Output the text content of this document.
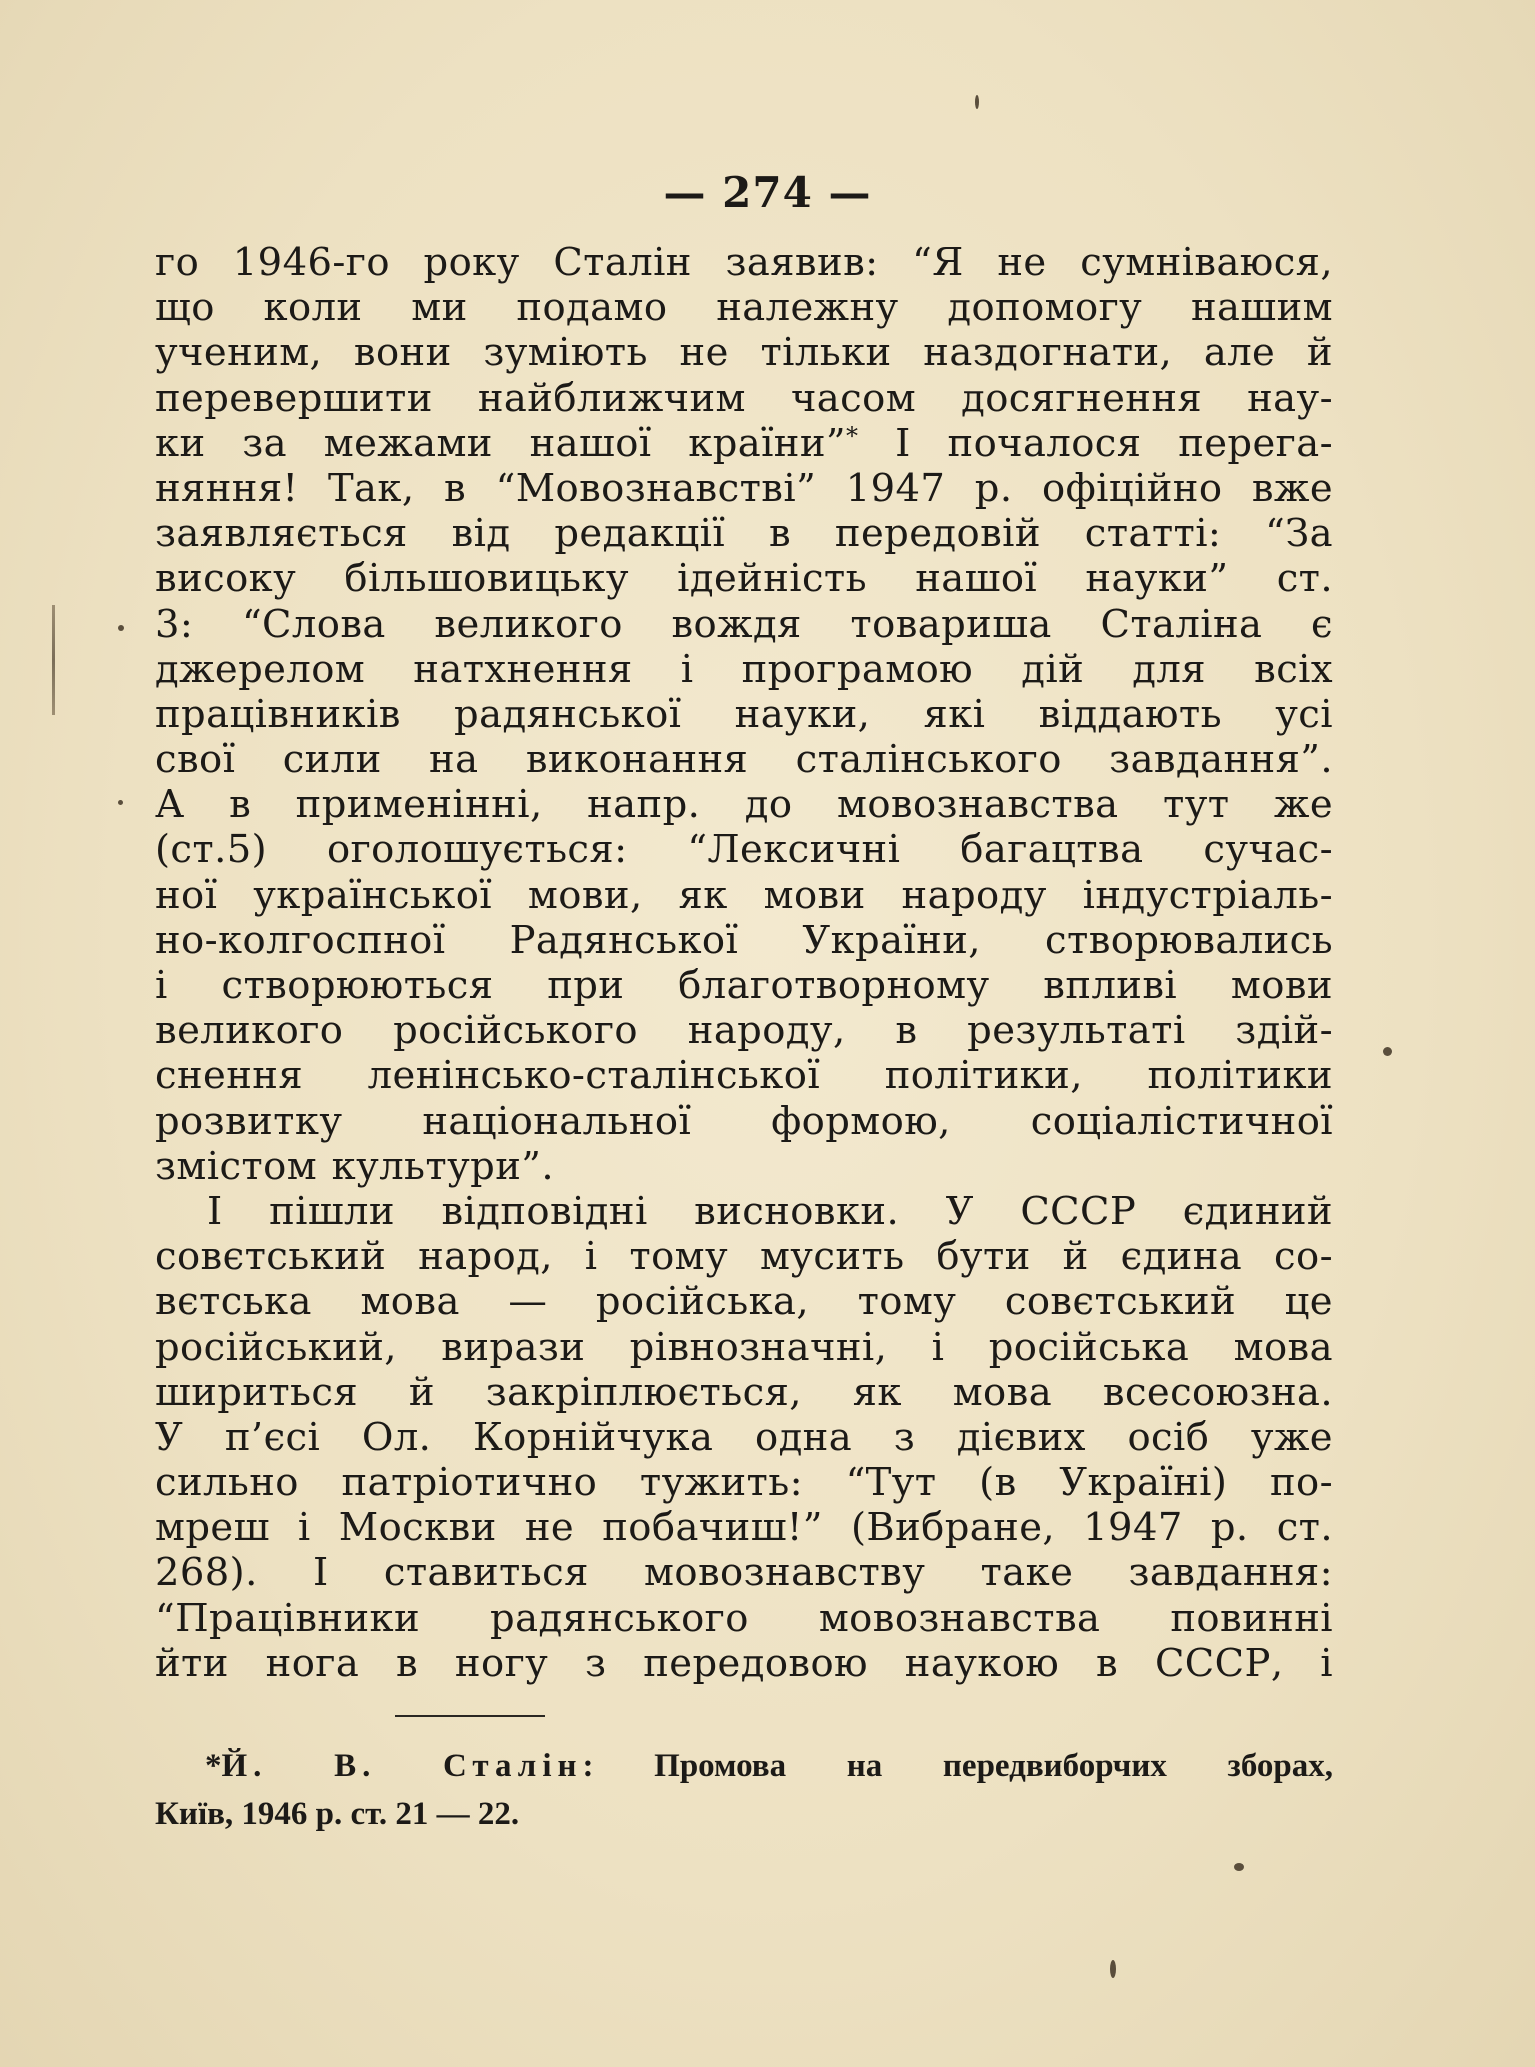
— 274 —
го 1946-го року Сталін заявив: “Я не сумніваюся,
що коли ми подамо належну допомогу нашим
ученим, вони зуміють не тільки наздогнати, але й
перевершити найближчим часом досягнення нау-
ки за межами нашої країни”* І почалося перега-
няння! Так, в “Мовознавстві” 1947 р. офіційно вже
заявляється від редакції в передовій статті: “За
високу більшовицьку ідейність нашої науки” ст.
3: “Слова великого вождя товариша Сталіна є
джерелом натхнення і програмою дій для всіх
працівників радянської науки, які віддають усі
свої сили на виконання сталінського завдання”.
А в применінні, напр. до мовознавства тут же
(ст.5) оголошується: “Лексичні багацтва сучас-
ної української мови, як мови народу індустріаль-
но-колгоспної Радянської України, створювались
і створюються при благотворному впливі мови
великого російського народу, в результаті здій-
снення ленінсько-сталінської політики, політики
розвитку національної формою, соціалістичної
змістом культури”.
І пішли відповідні висновки. У СССР єдиний
совєтський народ, і тому мусить бути й єдина со-
вєтська мова — російська, тому совєтський це
російський, вирази рівнозначні, і російська мова
шириться й закріплюється, як мова всесоюзна.
У п’єсі Ол. Корнійчука одна з дієвих осіб уже
сильно патріотично тужить: “Тут (в Україні) по-
мреш і Москви не побачиш!” (Вибране, 1947 р. ст.
268). І ставиться мовознавству таке завдання:
“Працівники радянського мовознавства повинні
йти нога в ногу з передовою наукою в СССР, і
*Й. В. Сталін: Промова на передвиборчих зборах,
Київ, 1946 р. ст. 21 — 22.
